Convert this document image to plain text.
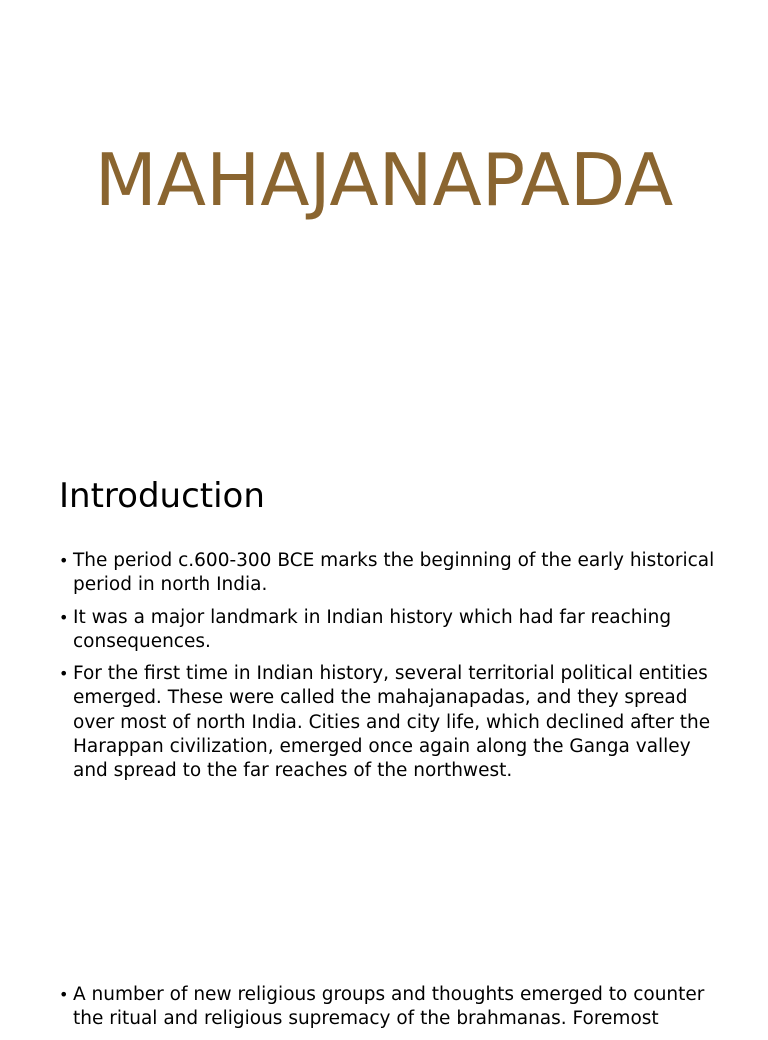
MAHAJANAPADA
Introduction
• The period c.600-300 BCE marks the beginning of the early historical period in north India.
• It was a major landmark in Indian history which had far reaching consequences.
• For the first time in Indian history, several territorial political entities emerged. These were called the mahajanapadas, and they spread over most of north India. Cities and city life, which declined after the Harappan civilization, emerged once again along the Ganga valley and spread to the far reaches of the northwest.
• A number of new religious groups and thoughts emerged to counter the ritual and religious supremacy of the brahmanas. Foremost
